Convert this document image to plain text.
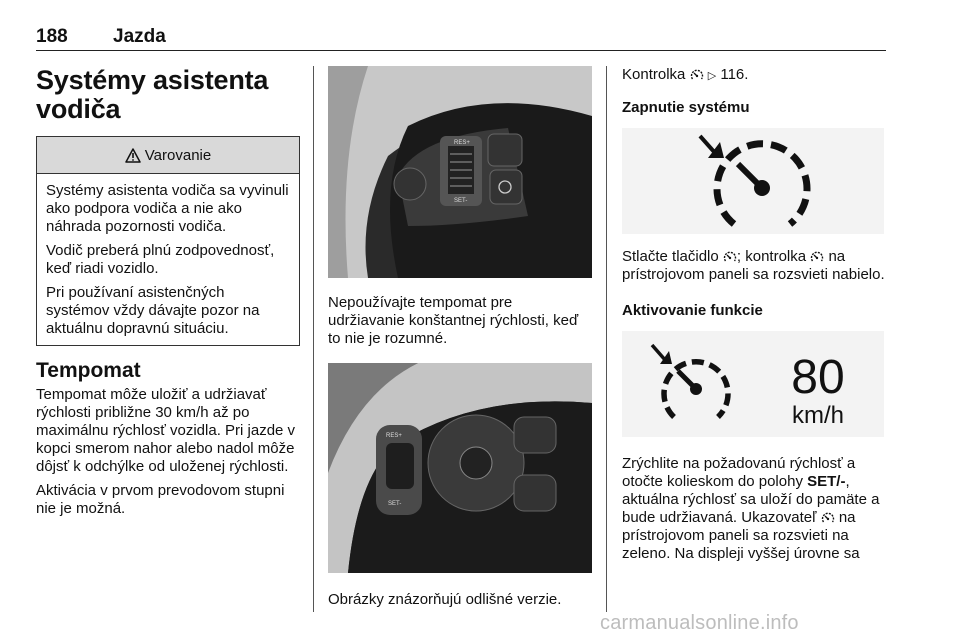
188 Jazda
Systémy asistenta
vodiča
Varovanie

Systémy asistenta vodiča sa vyvinuli ako podpora vodiča a nie ako náhrada pozornosti vodiča.

Vodič preberá plnú zodpovednosť, keď riadi vozidlo.

Pri používaní asistenčných systémov vždy dávajte pozor na aktuálnu dopravnú situáciu.

Tempomat

Tempomat môže uložiť a udržiavať rýchlosti približne 30 km/h až po maximálnu rýchlosť vozidla. Pri jazde v kopci smerom nahor alebo nadol môže dôjsť k odchýlke od uloženej rýchlosti.

Aktivácia v prvom prevodovom stupni nie je možná.

RES+
SET-

Nepoužívajte tempomat pre udržiavanie konštantnej rýchlosti, keď to nie je rozumné.

RES+
SET-

Obrázky znázorňujú odlišné verzie.

Kontrolka ▷ 116.

Zapnutie systému

Stlačte tlačidlo ; kontrolka na prístrojovom paneli sa rozsvieti nabielo.

Aktivovanie funkcie
80
km/h

Zrýchlite na požadovanú rýchlosť a otočte kolieskom do polohy SET/-, aktuálna rýchlosť sa uloží do pamäte a bude udržiavaná. Ukazovateľ na prístrojovom paneli sa rozsvieti na zeleno. Na displeji vyššej úrovne sa

carmanualsonline.info
